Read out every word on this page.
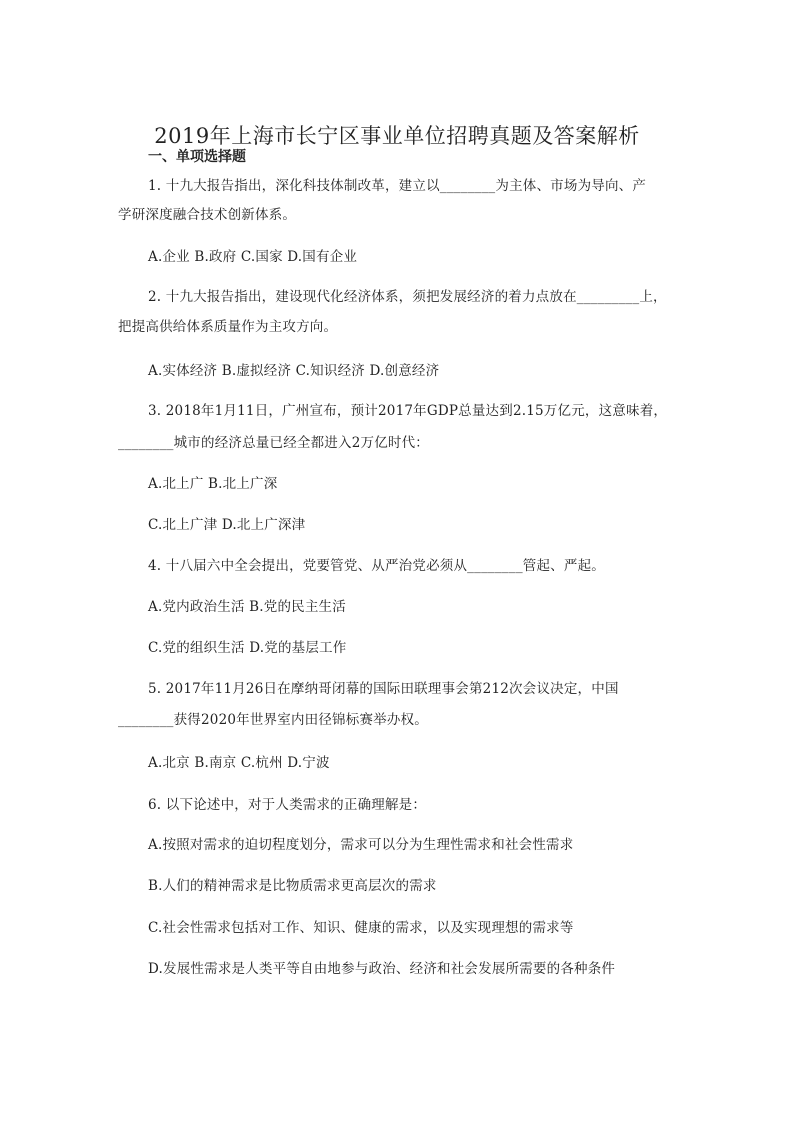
2019年上海市长宁区事业单位招聘真题及答案解析
一、单项选择题
1. 十九大报告指出，深化科技体制改革，建立以________为主体、市场为导向、产
学研深度融合技术创新体系。
A.企业 B.政府 C.国家 D.国有企业
2. 十九大报告指出，建设现代化经济体系，须把发展经济的着力点放在_________上，
把提高供给体系质量作为主攻方向。
A.实体经济 B.虚拟经济 C.知识经济 D.创意经济
3. 2018年1月11日，广州宣布，预计2017年GDP总量达到2.15万亿元，这意味着，
________城市的经济总量已经全都进入2万亿时代：
A.北上广 B.北上广深
C.北上广津 D.北上广深津
4. 十八届六中全会提出，党要管党、从严治党必须从________管起、严起。
A.党内政治生活 B.党的民主生活
C.党的组织生活 D.党的基层工作
5. 2017年11月26日在摩纳哥闭幕的国际田联理事会第212次会议决定，中国
________获得2020年世界室内田径锦标赛举办权。
A.北京 B.南京 C.杭州 D.宁波
6. 以下论述中，对于人类需求的正确理解是：
A.按照对需求的迫切程度划分，需求可以分为生理性需求和社会性需求
B.人们的精神需求是比物质需求更高层次的需求
C.社会性需求包括对工作、知识、健康的需求，以及实现理想的需求等
D.发展性需求是人类平等自由地参与政治、经济和社会发展所需要的各种条件
